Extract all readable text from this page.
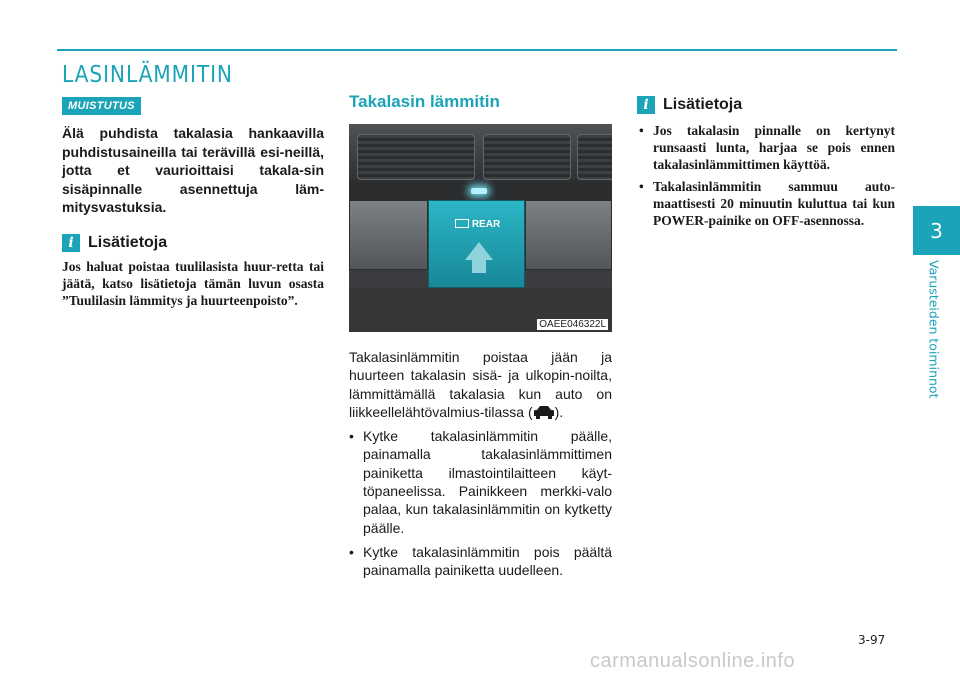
LASINLÄMMITIN
MUISTUTUS

Älä puhdista takalasia hankaavilla puhdistusaineilla tai terävillä esi-neillä, jotta et vaurioittaisi takala-sin sisäpinnalle asennettuja läm-mitysvastuksia.

i Lisätietoja

Jos haluat poistaa tuulilasista huur-retta tai jäätä, katso lisätietoja tämän luvun osasta ”Tuulilasin lämmitys ja huurteenpoisto”.

Takalasin lämmitin
REAR
OAEE046322L

Takalasinlämmitin poistaa jään ja huurteen takalasin sisä- ja ulkopin-noilta, lämmittämällä takalasia kun auto on liikkeellelähtövalmius-tilassa ( ).

• Kytke takalasinlämmitin päälle, painamalla takalasinlämmittimen painiketta ilmastointilaitteen käyt-töpaneelissa. Painikkeen merkki-valo palaa, kun takalasinlämmitin on kytketty päälle.
• Kytke takalasinlämmitin pois päältä painamalla painiketta uudelleen.
i Lisätietoja
• Jos takalasin pinnalle on kertynyt runsaasti lunta, harjaa se pois ennen takalasinlämmittimen käyttöä.
• Takalasinlämmitin sammuu auto-maattisesti 20 minuutin kuluttua tai kun POWER-painike on OFF-asennossa.	3
Varusteiden toiminnot
3-97
carmanualsonline.info
